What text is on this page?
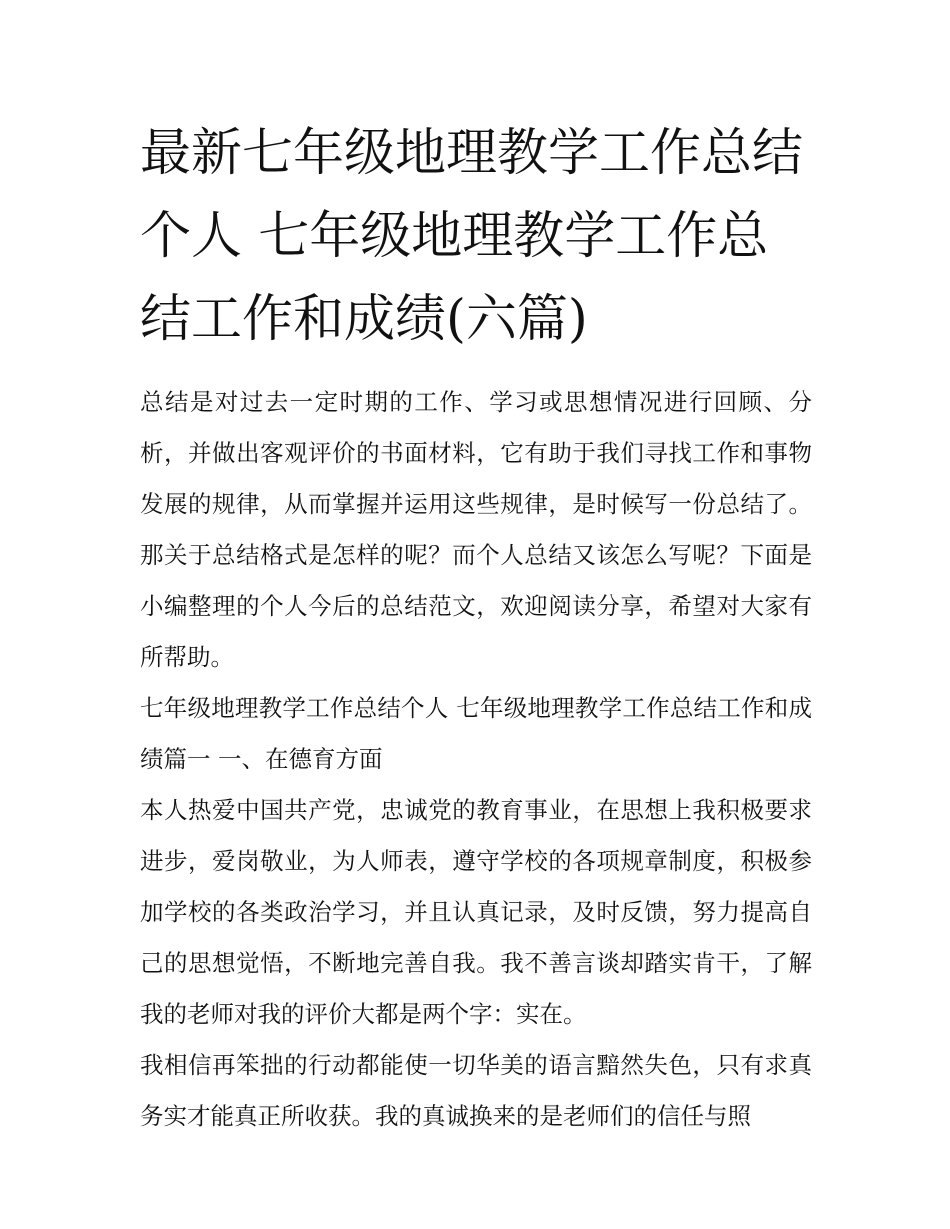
最新七年级地理教学工作总结个人 七年级地理教学工作总结工作和成绩(六篇)

总结是对过去一定时期的工作、学习或思想情况进行回顾、分析，并做出客观评价的书面材料，它有助于我们寻找工作和事物发展的规律，从而掌握并运用这些规律，是时候写一份总结了。那关于总结格式是怎样的呢？而个人总结又该怎么写呢？下面是小编整理的个人今后的总结范文，欢迎阅读分享，希望对大家有所帮助。

七年级地理教学工作总结个人 七年级地理教学工作总结工作和成绩篇一 一、在德育方面

本人热爱中国共产党，忠诚党的教育事业，在思想上我积极要求进步，爱岗敬业，为人师表，遵守学校的各项规章制度，积极参加学校的各类政治学习，并且认真记录，及时反馈，努力提高自己的思想觉悟，不断地完善自我。我不善言谈却踏实肯干，了解我的老师对我的评价大都是两个字：实在。

我相信再笨拙的行动都能使一切华美的语言黯然失色，只有求真务实才能真正所收获。我的真诚换来的是老师们的信任与照
